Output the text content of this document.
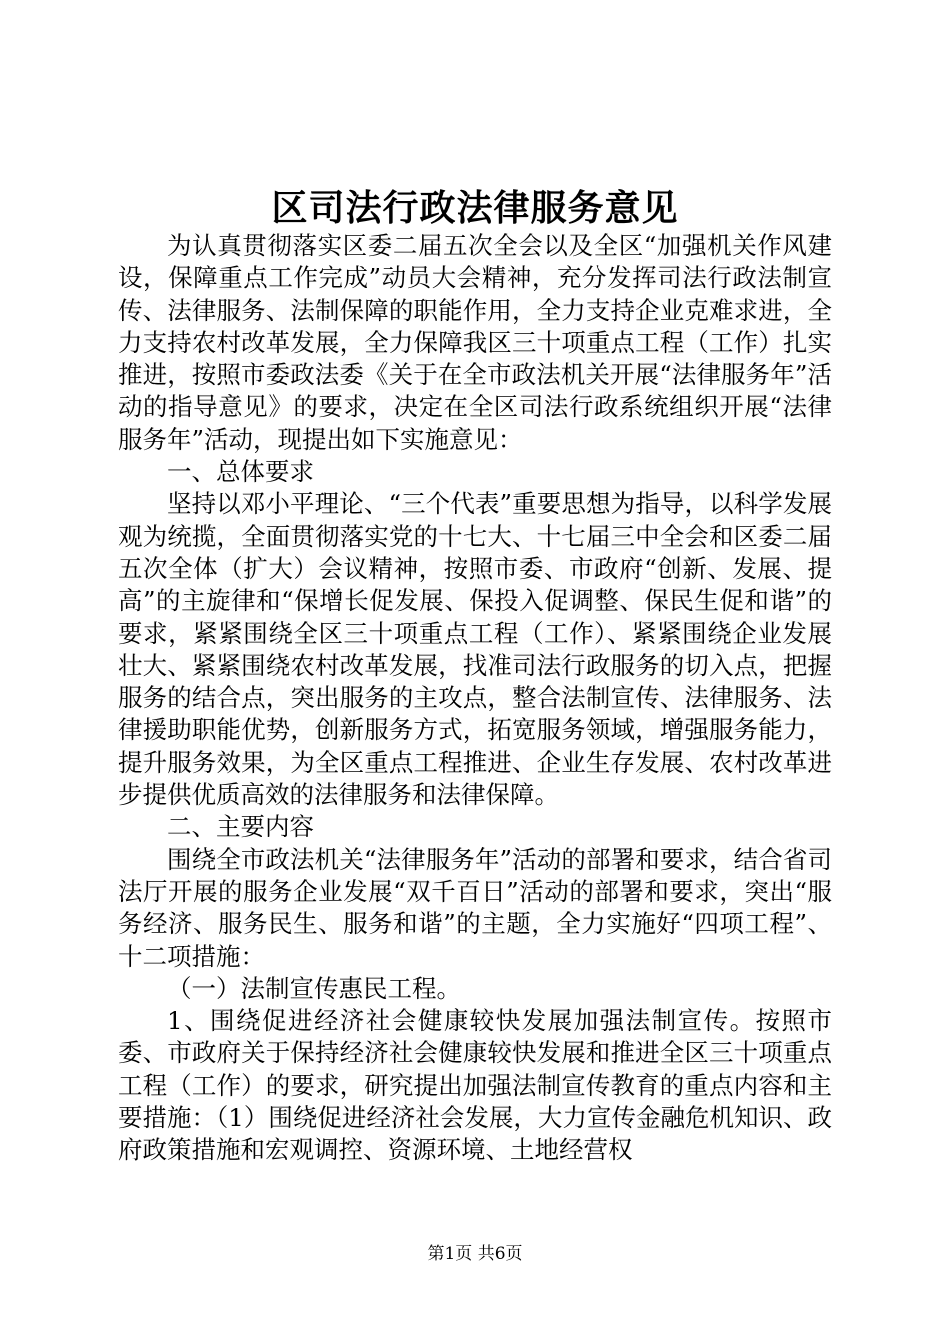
区司法行政法律服务意见

为认真贯彻落实区委二届五次全会以及全区“加强机关作风建设，保障重点工作完成”动员大会精神，充分发挥司法行政法制宣传、法律服务、法制保障的职能作用，全力支持企业克难求进，全力支持农村改革发展，全力保障我区三十项重点工程（工作）扎实推进，按照市委政法委《关于在全市政法机关开展“法律服务年”活动的指导意见》的要求，决定在全区司法行政系统组织开展“法律服务年”活动，现提出如下实施意见：

一、总体要求

坚持以邓小平理论、“三个代表”重要思想为指导，以科学发展观为统揽，全面贯彻落实党的十七大、十七届三中全会和区委二届五次全体（扩大）会议精神，按照市委、市政府“创新、发展、提高”的主旋律和“保增长促发展、保投入促调整、保民生促和谐”的要求，紧紧围绕全区三十项重点工程（工作）、紧紧围绕企业发展壮大、紧紧围绕农村改革发展，找准司法行政服务的切入点，把握服务的结合点，突出服务的主攻点，整合法制宣传、法律服务、法律援助职能优势，创新服务方式，拓宽服务领域，增强服务能力，提升服务效果，为全区重点工程推进、企业生存发展、农村改革进步提供优质高效的法律服务和法律保障。

二、主要内容

围绕全市政法机关“法律服务年”活动的部署和要求，结合省司法厅开展的服务企业发展“双千百日”活动的部署和要求，突出“服务经济、服务民生、服务和谐”的主题，全力实施好“四项工程”、十二项措施：

（一）法制宣传惠民工程。

1、围绕促进经济社会健康较快发展加强法制宣传。按照市委、市政府关于保持经济社会健康较快发展和推进全区三十项重点工程（工作）的要求，研究提出加强法制宣传教育的重点内容和主要措施：（1）围绕促进经济社会发展，大力宣传金融危机知识、政府政策措施和宏观调控、资源环境、土地经营权

第1页 共6页
